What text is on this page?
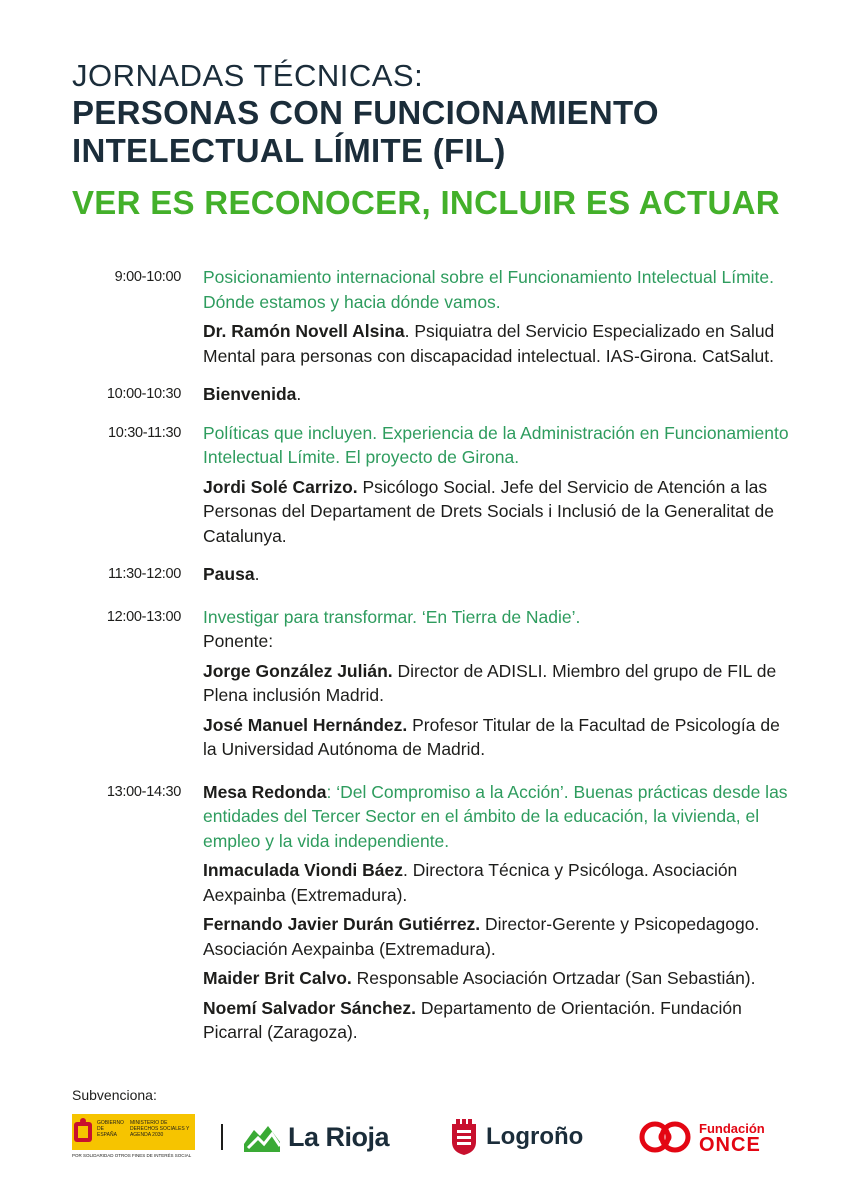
JORNADAS TÉCNICAS:
PERSONAS CON FUNCIONAMIENTO
INTELECTUAL LÍMITE (FIL)
VER ES RECONOCER, INCLUIR ES ACTUAR
9:00-10:00	Posicionamiento internacional sobre el Funcionamiento Intelectual Límite. Dónde estamos y hacia dónde vamos.
Dr. Ramón Novell Alsina. Psiquiatra del Servicio Especializado en Salud Mental para personas con discapacidad intelectual. IAS-Girona. CatSalut.
10:00-10:30	Bienvenida.
10:30-11:30	Políticas que incluyen. Experiencia de la Administración en Funcionamiento Intelectual Límite. El proyecto de Girona.
Jordi Solé Carrizo. Psicólogo Social. Jefe del Servicio de Atención a las Personas del Departament de Drets Socials i Inclusió de la Generalitat de Catalunya.
11:30-12:00	Pausa.
12:00-13:00	Investigar para transformar. ‘En Tierra de Nadie’.
Ponente:
Jorge González Julián. Director de ADISLI. Miembro del grupo de FIL de Plena inclusión Madrid.
José Manuel Hernández. Profesor Titular de la Facultad de Psicología de la Universidad Autónoma de Madrid.
13:00-14:30	Mesa Redonda: ‘Del Compromiso a la Acción’. Buenas prácticas desde las entidades del Tercer Sector en el ámbito de la educación, la vivienda, el empleo y la vida independiente.
Inmaculada Viondi Báez. Directora Técnica y Psicóloga. Asociación Aexpainba (Extremadura).
Fernando Javier Durán Gutiérrez. Director-Gerente y Psicopedagogo. Asociación Aexpainba (Extremadura).
Maider Brit Calvo. Responsable Asociación Ortzadar (San Sebastián).
Noemí Salvador Sánchez. Departamento de Orientación. Fundación Picarral (Zaragoza).
Subvenciona:
GOBIERNO DE ESPAÑA
MINISTERIO DE DERECHOS SOCIALES Y AGENDA 2030
POR SOLIDARIDAD OTROS FINES DE INTERÉS SOCIAL
La Rioja	Logroño	Fundación
ONCE
